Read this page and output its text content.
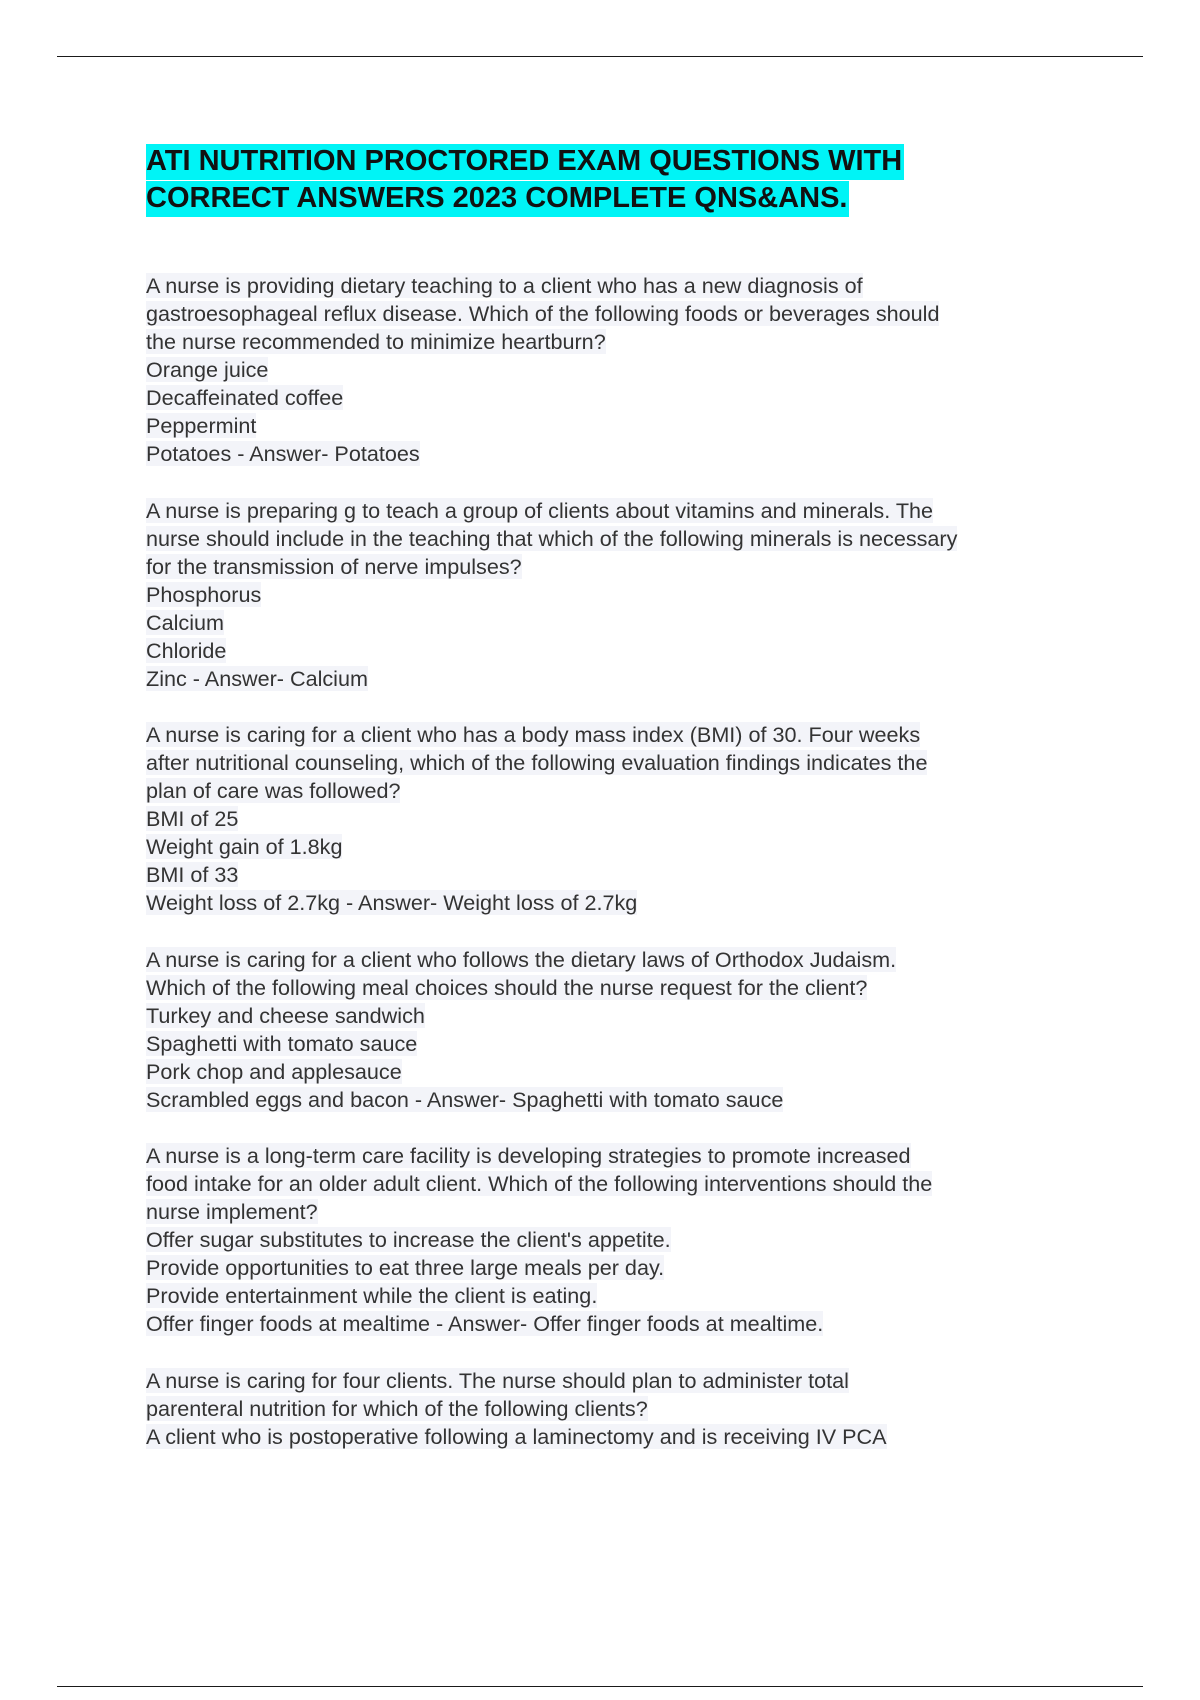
ATI NUTRITION PROCTORED EXAM QUESTIONS WITH
CORRECT ANSWERS 2023 COMPLETE QNS&ANS.
A nurse is providing dietary teaching to a client who has a new diagnosis of
gastroesophageal reflux disease. Which of the following foods or beverages should
the nurse recommended to minimize heartburn?
Orange juice
Decaffeinated coffee
Peppermint
Potatoes - Answer- Potatoes
A nurse is preparing g to teach a group of clients about vitamins and minerals. The
nurse should include in the teaching that which of the following minerals is necessary
for the transmission of nerve impulses?
Phosphorus
Calcium
Chloride
Zinc - Answer- Calcium
A nurse is caring for a client who has a body mass index (BMI) of 30. Four weeks
after nutritional counseling, which of the following evaluation findings indicates the
plan of care was followed?
BMI of 25
Weight gain of 1.8kg
BMI of 33
Weight loss of 2.7kg - Answer- Weight loss of 2.7kg
A nurse is caring for a client who follows the dietary laws of Orthodox Judaism.
Which of the following meal choices should the nurse request for the client?
Turkey and cheese sandwich
Spaghetti with tomato sauce
Pork chop and applesauce
Scrambled eggs and bacon - Answer- Spaghetti with tomato sauce
A nurse is a long-term care facility is developing strategies to promote increased
food intake for an older adult client. Which of the following interventions should the
nurse implement?
Offer sugar substitutes to increase the client's appetite.
Provide opportunities to eat three large meals per day.
Provide entertainment while the client is eating.
Offer finger foods at mealtime - Answer- Offer finger foods at mealtime.
A nurse is caring for four clients. The nurse should plan to administer total
parenteral nutrition for which of the following clients?
A client who is postoperative following a laminectomy and is receiving IV PCA
